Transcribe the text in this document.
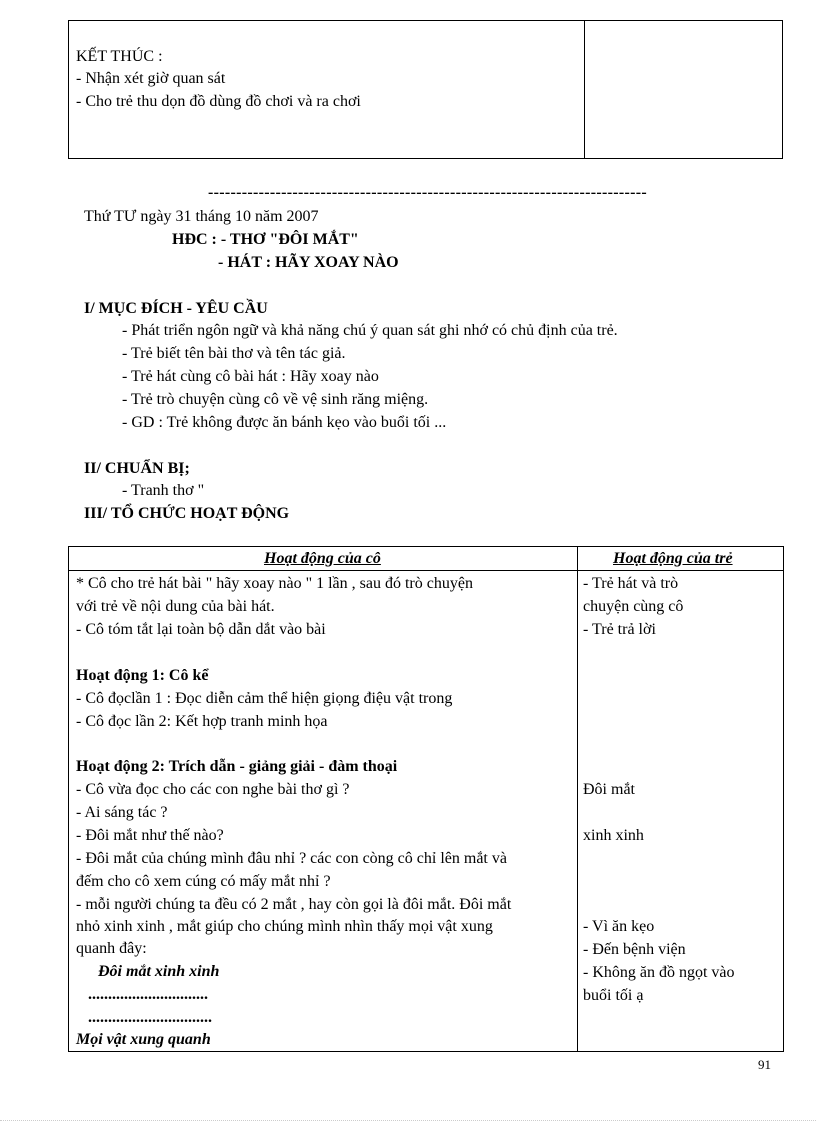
KẾT THÚC :
- Nhận xét giờ quan sát
- Cho trẻ thu dọn đồ dùng đồ chơi và ra chơi
------------------------------------------------------------------------------
Thứ TƯ ngày 31 tháng 10 năm 2007
HĐC : - THƠ "ĐÔI MẮT"
- HÁT : HÃY XOAY NÀO
I/ MỤC ĐÍCH - YÊU CẦU
- Phát triển ngôn ngữ và khả năng chú ý quan sát ghi nhớ có chủ định của trẻ.
- Trẻ biết tên bài thơ và tên tác giả.
- Trẻ hát cùng cô bài hát : Hãy xoay nào
- Trẻ trò chuyện cùng cô về vệ sinh răng miệng.
- GD : Trẻ không được ăn bánh kẹo vào buổi tối ...
II/ CHUẨN BỊ;
- Tranh thơ "
III/ TỔ CHỨC HOẠT ĐỘNG
Hoạt động của cô	Hoạt động của trẻ
* Cô cho trẻ hát bài " hãy xoay nào " 1 lần , sau đó trò chuyện
với trẻ về nội dung của bài hát.
- Cô tóm tắt lại toàn bộ dẫn dắt vào bài
Hoạt động 1: Cô kể
- Cô đọclần 1 : Đọc diễn cảm thể hiện giọng điệu vật trong
- Cô đọc lần 2: Kết hợp tranh minh họa
Hoạt động 2: Trích dẫn - giảng giải - đàm thoại
- Cô vừa đọc cho các con nghe bài thơ gì ?
- Ai sáng tác ?
- Đôi mắt như thế nào?
- Đôi mắt của chúng mình đâu nhỉ ? các con còng cô chỉ lên mắt và
đếm cho cô xem cúng có mấy mắt nhỉ ?
- mỗi người chúng ta đều có 2 mắt , hay còn gọi là đôi mắt. Đôi mắt
nhỏ xinh xinh , mắt giúp cho chúng mình nhìn thấy mọi vật xung
quanh đây:
Đôi mắt xinh xinh
..............................
...............................
Mọi vật xung quanh
- Trẻ hát và trò
chuyện cùng cô
- Trẻ trả lời
Đôi mắt
xinh xinh
- Vì ăn kẹo
- Đến bệnh viện
- Không ăn đồ ngọt vào
buổi tối ạ
91
